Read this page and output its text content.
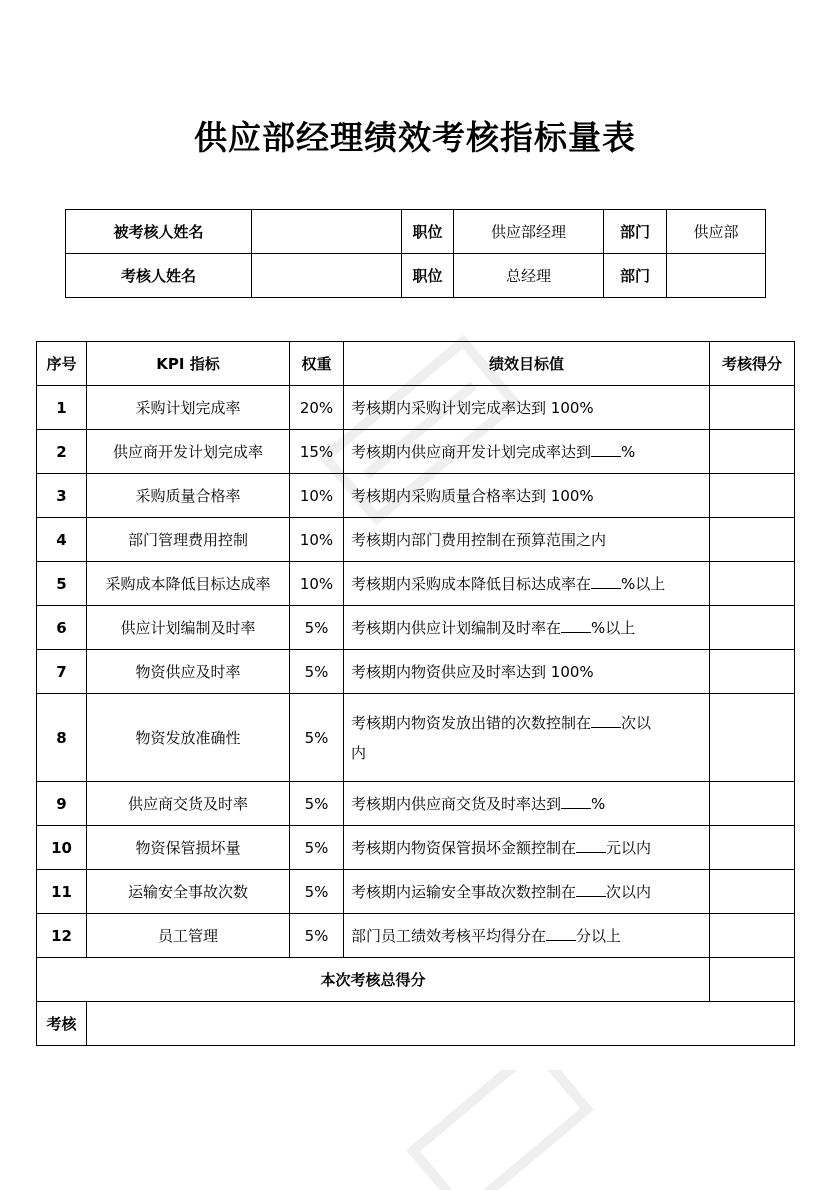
供应部经理绩效考核指标量表
被考核人姓名		职位	供应部经理	部门	供应部
考核人姓名		职位	总经理	部门	
序号	KPI 指标	权重	绩效目标值	考核得分
1	采购计划完成率	20%	考核期内采购计划完成率达到 100%	
2	供应商开发计划完成率	15%	考核期内供应商开发计划完成率达到 %	
3	采购质量合格率	10%	考核期内采购质量合格率达到 100%	
4	部门管理费用控制	10%	考核期内部门费用控制在预算范围之内	
5	采购成本降低目标达成率	10%	考核期内采购成本降低目标达成率在 %以上	
6	供应计划编制及时率	5%	考核期内供应计划编制及时率在 %以上	
7	物资供应及时率	5%	考核期内物资供应及时率达到 100%	
8	物资发放准确性	5%	考核期内物资发放出错的次数控制在 次以
内	
9	供应商交货及时率	5%	考核期内供应商交货及时率达到 %	
10	物资保管损坏量	5%	考核期内物资保管损坏金额控制在 元以内	
11	运输安全事故次数	5%	考核期内运输安全事故次数控制在 次以内	
12	员工管理	5%	部门员工绩效考核平均得分在 分以上	
本次考核总得分				
考核				
